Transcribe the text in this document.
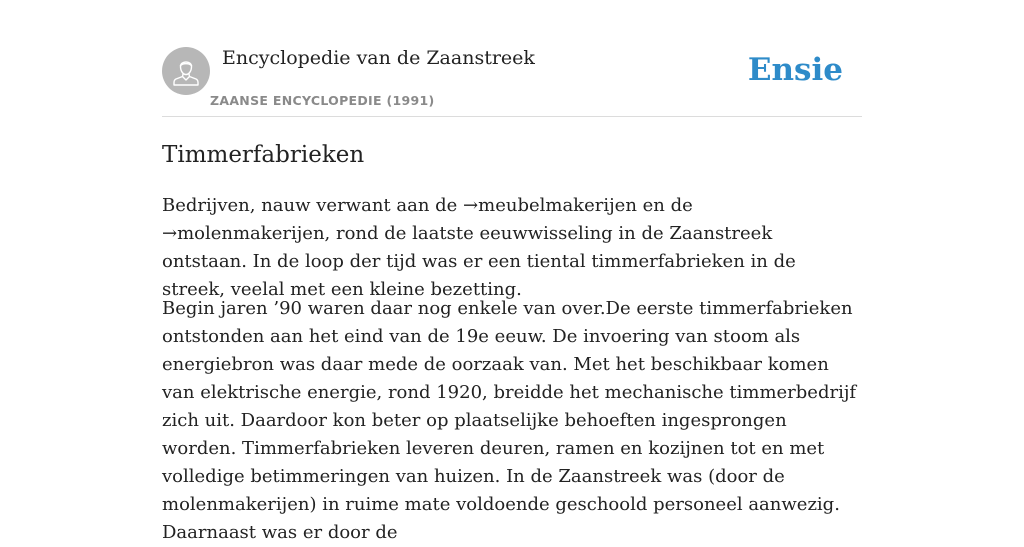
Encyclopedie van de Zaanstreek
ZAANSE ENCYCLOPEDIE (1991)
Ensie
Timmerfabrieken

Bedrijven, nauw verwant aan de →meubelmakerijen en de →molenmakerijen, rond de laatste eeuwwisseling in de Zaanstreek ontstaan. In de loop der tijd was er een tiental timmerfabrieken in de streek, veelal met een kleine bezetting.

Begin jaren ’90 waren daar nog enkele van over.De eerste timmerfabrieken ontstonden aan het eind van de 19e eeuw. De invoering van stoom als energiebron was daar mede de oorzaak van. Met het beschikbaar komen van elektrische energie, rond 1920, breidde het mechanische timmerbedrijf zich uit. Daardoor kon beter op plaatselijke behoeften ingesprongen worden. Timmerfabrieken leveren deuren, ramen en kozijnen tot en met volledige betimmeringen van huizen. In de Zaanstreek was (door de molenmakerijen) in ruime mate voldoende geschoold personeel aanwezig. Daarnaast was er door de
